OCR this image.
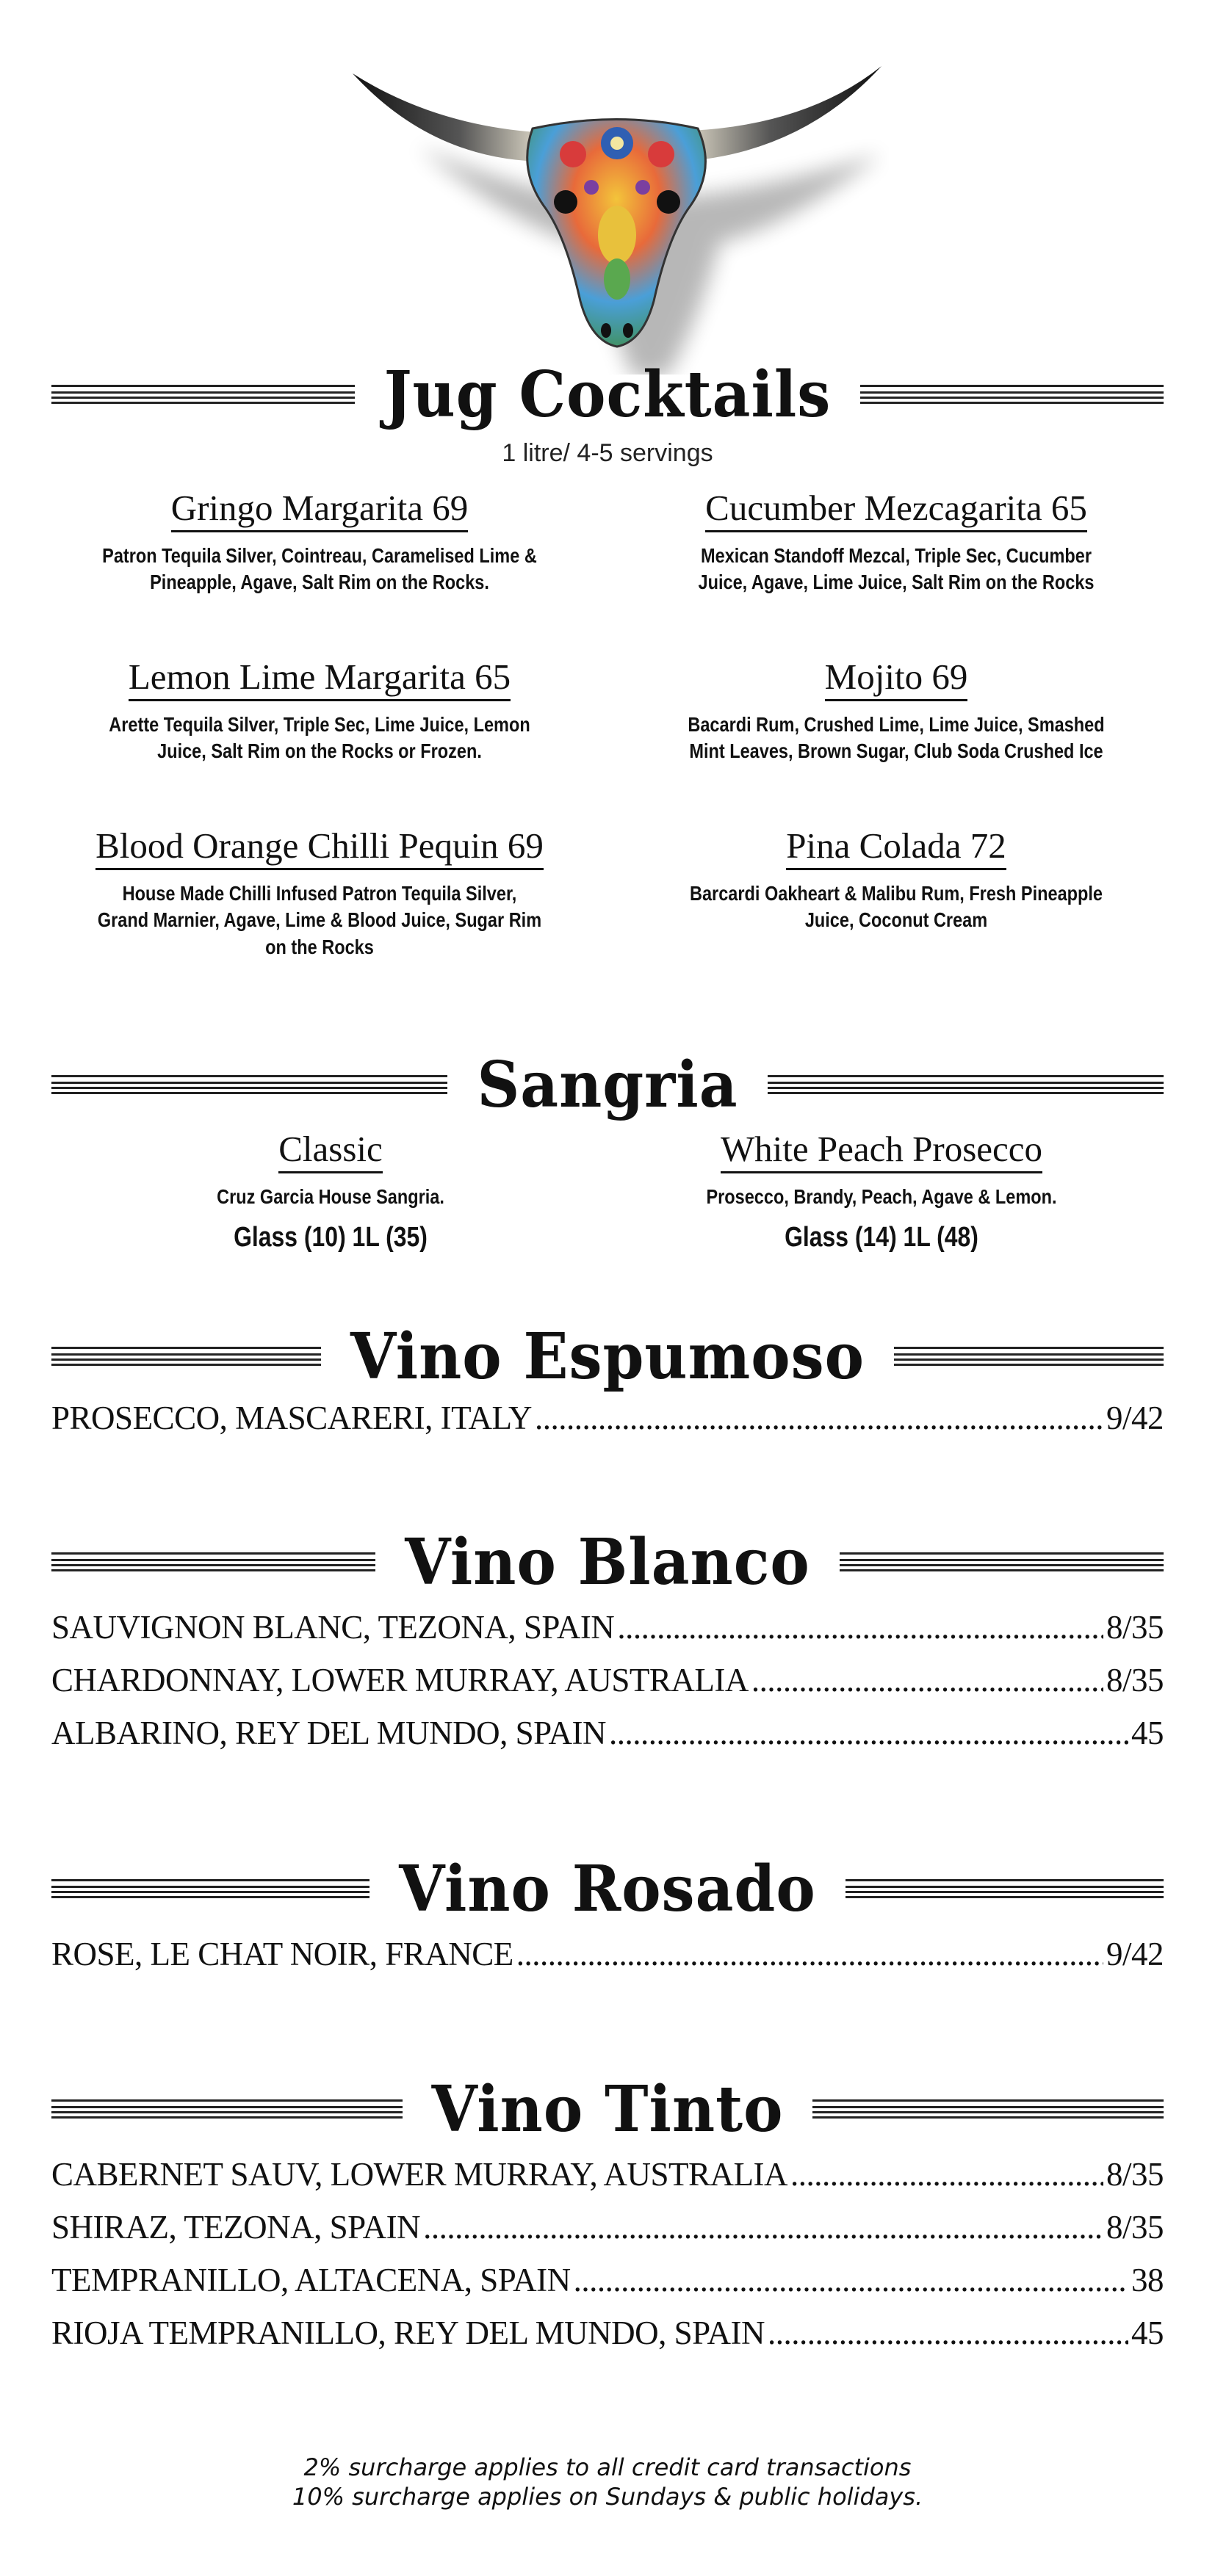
Jug Cocktails
1 litre/ 4-5 servings
Gringo Margarita 69
Patron Tequila Silver, Cointreau, Caramelised Lime & Pineapple, Agave, Salt Rim on the Rocks.
Cucumber Mezcagarita 65
Mexican Standoff Mezcal, Triple Sec, Cucumber Juice, Agave, Lime Juice, Salt Rim on the Rocks
Lemon Lime Margarita 65
Arette Tequila Silver, Triple Sec, Lime Juice, Lemon Juice, Salt Rim on the Rocks or Frozen.
Mojito 69
Bacardi Rum, Crushed Lime, Lime Juice, Smashed Mint Leaves, Brown Sugar, Club Soda Crushed Ice
Blood Orange Chilli Pequin 69
House Made Chilli Infused Patron Tequila Silver, Grand Marnier, Agave, Lime & Blood Juice, Sugar Rim on the Rocks
Pina Colada 72
Barcardi Oakheart & Malibu Rum, Fresh Pineapple Juice, Coconut Cream
Sangria
Classic
Cruz Garcia House Sangria.
Glass (10) 1L (35)
White Peach Prosecco
Prosecco, Brandy, Peach, Agave & Lemon.
Glass (14) 1L (48)
Vino Espumoso
PROSECCO, MASCARERI, ITALY .....	9/42
Vino Blanco
SAUVIGNON BLANC, TEZONA, SPAIN .....	8/35
CHARDONNAY, LOWER MURRAY, AUSTRALIA .....	8/35
ALBARINO, REY DEL MUNDO, SPAIN .....	45
Vino Rosado
ROSE, LE CHAT NOIR, FRANCE .....	9/42
Vino Tinto
CABERNET SAUV, LOWER MURRAY, AUSTRALIA .....	8/35
SHIRAZ, TEZONA, SPAIN .....	8/35
TEMPRANILLO, ALTACENA, SPAIN .....	38
RIOJA TEMPRANILLO, REY DEL MUNDO, SPAIN .....	45
2% surcharge applies to all credit card transactions
10% surcharge applies on Sundays & public holidays.
